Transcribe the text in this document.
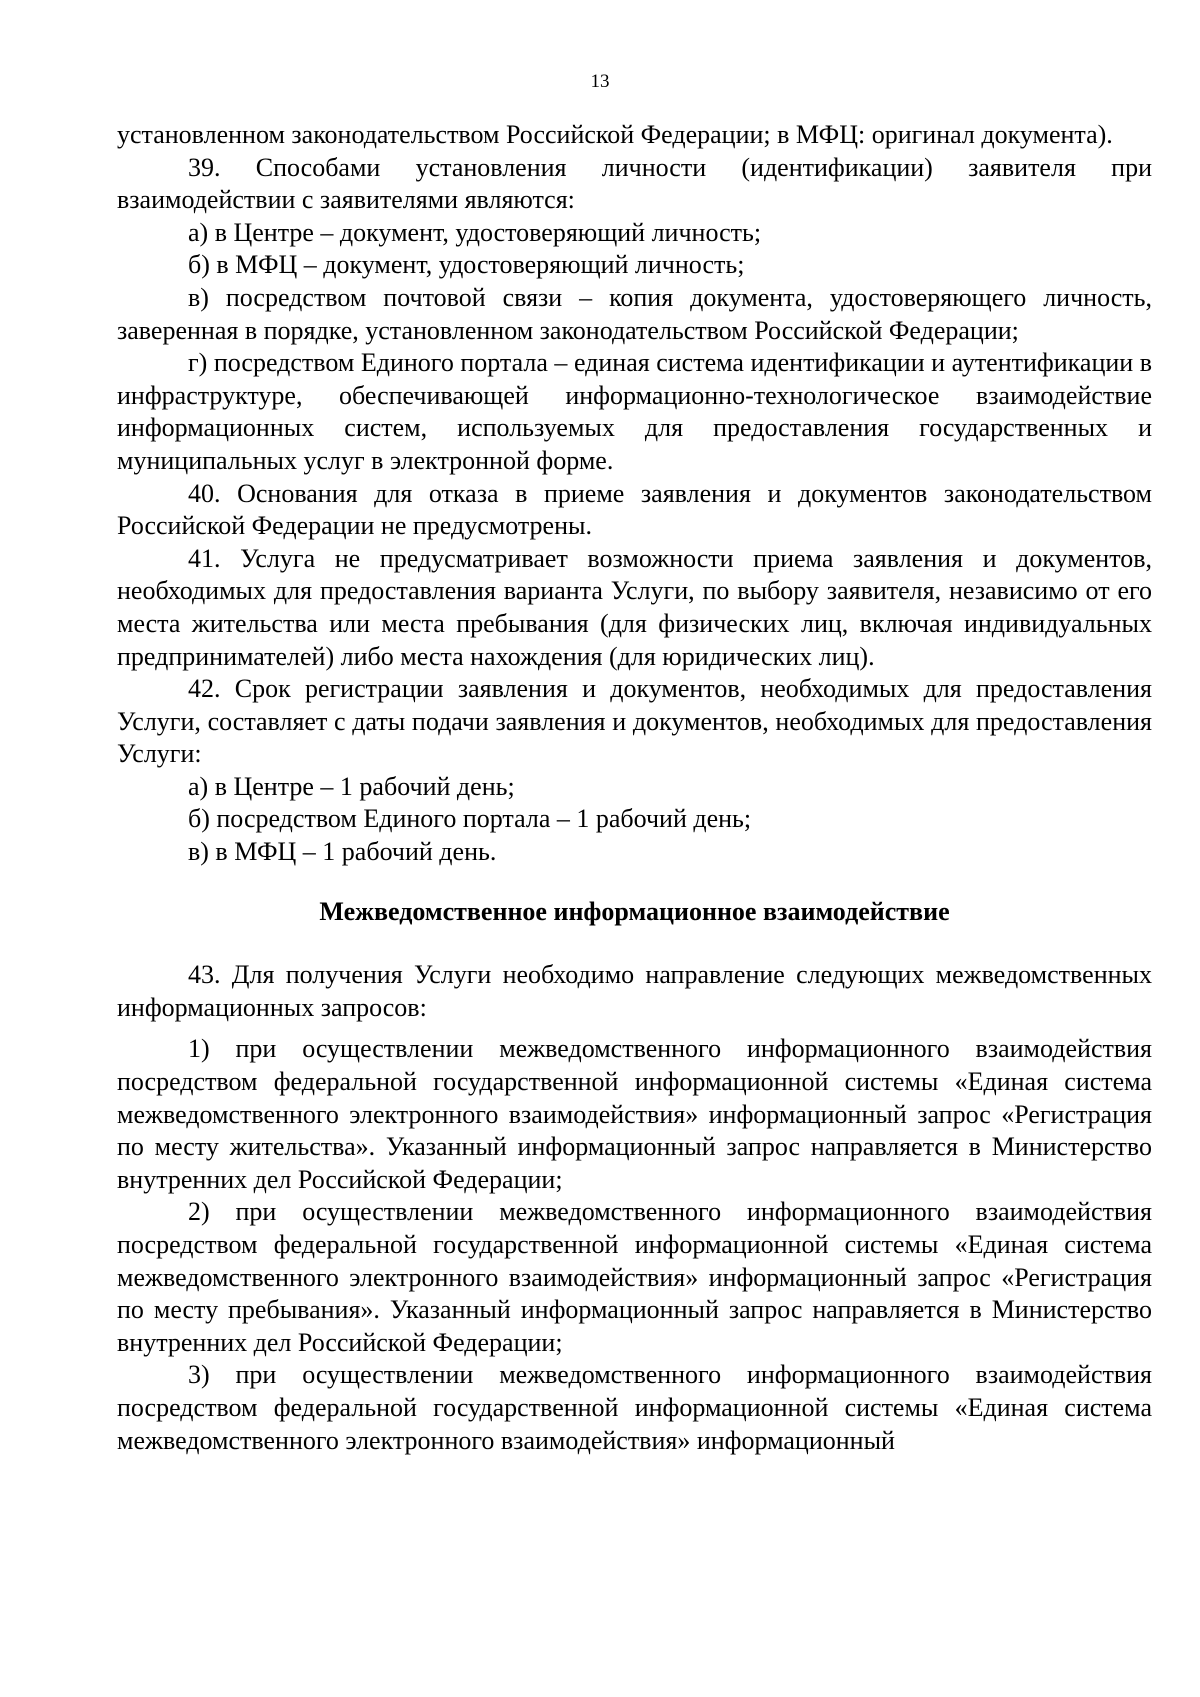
13

установленном законодательством Российской Федерации; в МФЦ: оригинал документа).

39. Способами установления личности (идентификации) заявителя при взаимодействии с заявителями являются:

а) в Центре – документ, удостоверяющий личность;

б) в МФЦ – документ, удостоверяющий личность;

в) посредством почтовой связи – копия документа, удостоверяющего личность, заверенная в порядке, установленном законодательством Российской Федерации;

г) посредством Единого портала – единая система идентификации и аутентификации в инфраструктуре, обеспечивающей информационно-технологическое взаимодействие информационных систем, используемых для предоставления государственных и муниципальных услуг в электронной форме.

40. Основания для отказа в приеме заявления и документов законодательством Российской Федерации не предусмотрены.

41. Услуга не предусматривает возможности приема заявления и документов, необходимых для предоставления варианта Услуги, по выбору заявителя, независимо от его места жительства или места пребывания (для физических лиц, включая индивидуальных предпринимателей) либо места нахождения (для юридических лиц).

42. Срок регистрации заявления и документов, необходимых для предоставления Услуги, составляет с даты подачи заявления и документов, необходимых для предоставления Услуги:

а) в Центре – 1 рабочий день;

б) посредством Единого портала – 1 рабочий день;

в) в МФЦ – 1 рабочий день.

Межведомственное информационное взаимодействие

43. Для получения Услуги необходимо направление следующих межведомственных информационных запросов:

1) при осуществлении межведомственного информационного взаимодействия посредством федеральной государственной информационной системы «Единая система межведомственного электронного взаимодействия» информационный запрос «Регистрация по месту жительства». Указанный информационный запрос направляется в Министерство внутренних дел Российской Федерации;

2) при осуществлении межведомственного информационного взаимодействия посредством федеральной государственной информационной системы «Единая система межведомственного электронного взаимодействия» информационный запрос «Регистрация по месту пребывания». Указанный информационный запрос направляется в Министерство внутренних дел Российской Федерации;

3) при осуществлении межведомственного информационного взаимодействия посредством федеральной государственной информационной системы «Единая система межведомственного электронного взаимодействия» информационный
